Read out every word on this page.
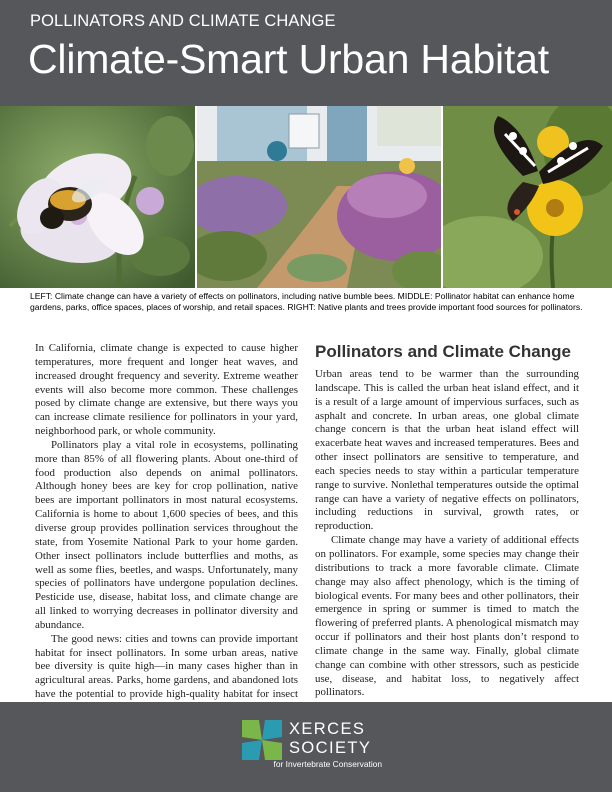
POLLINATORS AND CLIMATE CHANGE
Climate-Smart Urban Habitat

LEFT: Climate change can have a variety of effects on pollinators, including native bumble bees. MIDDLE: Pollinator habitat can enhance home gardens, parks, office spaces, places of worship, and retail spaces. RIGHT: Native plants and trees provide important food sources for pollinators.

In California, climate change is expected to cause higher temperatures, more frequent and longer heat waves, and increased drought frequency and severity. Extreme weather events will also become more common. These challenges posed by climate change are extensive, but there ways you can increase climate resilience for pollinators in your yard, neighborhood park, or whole community.

Pollinators play a vital role in ecosystems, pollinating more than 85% of all flowering plants. About one-third of food production also depends on animal pollinators. Although honey bees are key for crop pollination, native bees are important pollinators in most natural ecosystems. California is home to about 1,600 species of bees, and this diverse group provides pollination services throughout the state, from Yosemite National Park to your home garden. Other insect pollinators include butterflies and moths, as well as some flies, beetles, and wasps. Unfortunately, many species of pollinators have undergone population declines. Pesticide use, disease, habitat loss, and climate change are all linked to worrying decreases in pollinator diversity and abundance.

The good news: cities and towns can provide important habitat for insect pollinators. In some urban areas, native bee diversity is quite high—in many cases higher than in agricultural areas. Parks, home gardens, and abandoned lots have the potential to provide high-quality habitat for insect

Pollinators and Climate Change

Urban areas tend to be warmer than the surrounding landscape. This is called the urban heat island effect, and it is a result of a large amount of impervious surfaces, such as asphalt and concrete. In urban areas, one global climate change concern is that the urban heat island effect will exacerbate heat waves and increased temperatures. Bees and other insect pollinators are sensitive to temperature, and each species needs to stay within a particular temperature range to survive. Nonlethal temperatures outside the optimal range can have a variety of negative effects on pollinators, including reductions in survival, growth rates, or reproduction.

Climate change may have a variety of additional effects on pollinators. For example, some species may change their distributions to track a more favorable climate. Climate change may also affect phenology, which is the timing of biological events. For many bees and other pollinators, their emergence in spring or summer is timed to match the flowering of preferred plants. A phenological mismatch may occur if pollinators and their host plants don’t respond to climate change in the same way. Finally, global climate change can combine with other stressors, such as pesticide use, disease, and habitat loss, to negatively affect pollinators.

XERCES
SOCIETY
for Invertebrate Conservation
